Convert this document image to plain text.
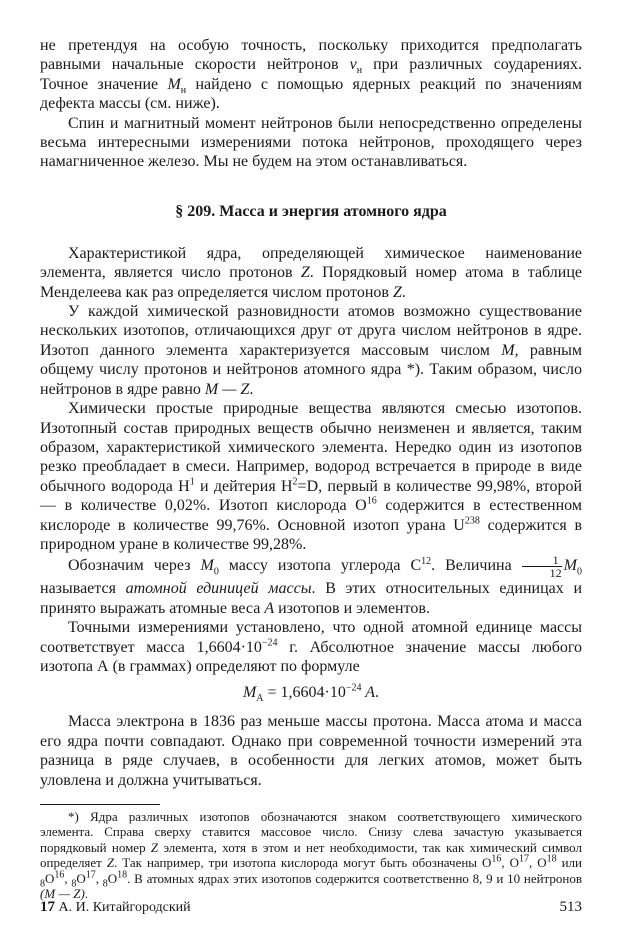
не претендуя на особую точность, поскольку приходится предполагать равными начальные скорости нейтронов $v_н$ при различных соударениях. Точное значение $M_н$ найдено с помощью ядерных реакций по значениям дефекта массы (см. ниже).

Спин и магнитный момент нейтронов были непосредственно определены весьма интересными измерениями потока нейтронов, проходящего через намагниченное железо. Мы не будем на этом останавливаться.

§ 209. Масса и энергия атомного ядра

Характеристикой ядра, определяющей химическое наименование элемента, является число протонов Z. Порядковый номер атома в таблице Менделеева как раз определяется числом протонов Z.

У каждой химической разновидности атомов возможно существование нескольких изотопов, отличающихся друг от друга числом нейтронов в ядре. Изотоп данного элемента характеризуется массовым числом M, равным общему числу протонов и нейтронов атомного ядра *). Таким образом, число нейтронов в ядре равно M — Z.

Химически простые природные вещества являются смесью изотопов. Изотопный состав природных веществ обычно неизменен и является, таким образом, характеристикой химического элемента. Нередко один из изотопов резко преобладает в смеси. Например, водород встречается в природе в виде обычного водорода $H^1$ и дейтерия $H^2=D$, первый в количестве 99,98%, второй — в количестве 0,02%. Изотоп кислорода $O^{16}$ содержится в естественном кислороде в количестве 99,76%. Основной изотоп урана $U^{238}$ содержится в природном уране в количестве 99,28%.

Обозначим через $M_0$ массу изотопа углерода $C^{12}$. Величина $\frac{1}{12} M_0$ называется атомной единицей массы. В этих относительных единицах и принято выражать атомные веса A изотопов и элементов.

Точными измерениями установлено, что одной атомной единице массы соответствует масса $1,6604\cdot 10^{-24}$ г. Абсолютное значение массы любого изотопа А (в граммах) определяют по формуле

$M_A = 1,6604\cdot 10^{-24}$ A.

Масса электрона в 1836 раз меньше массы протона. Масса атома и масса его ядра почти совпадают. Однако при современной точности измерений эта разница в ряде случаев, в особенности для легких атомов, может быть уловлена и должна учитываться.

*) Ядра различных изотопов обозначаются знаком соответствующего химического элемента. Справа сверху ставится массовое число. Снизу слева зачастую указывается порядковый номер Z элемента, хотя в этом и нет необходимости, так как химический символ определяет Z. Так например, три изотопа кислорода могут быть обозначены $O^{16}$, $O^{17}$, $O^{18}$ или $_8O^{16}$, $_8O^{17}$, $_8O^{18}$. В атомных ядрах этих изотопов содержится соответственно 8, 9 и 10 нейтронов (M — Z).

17 А. И. Китайгородский	513
